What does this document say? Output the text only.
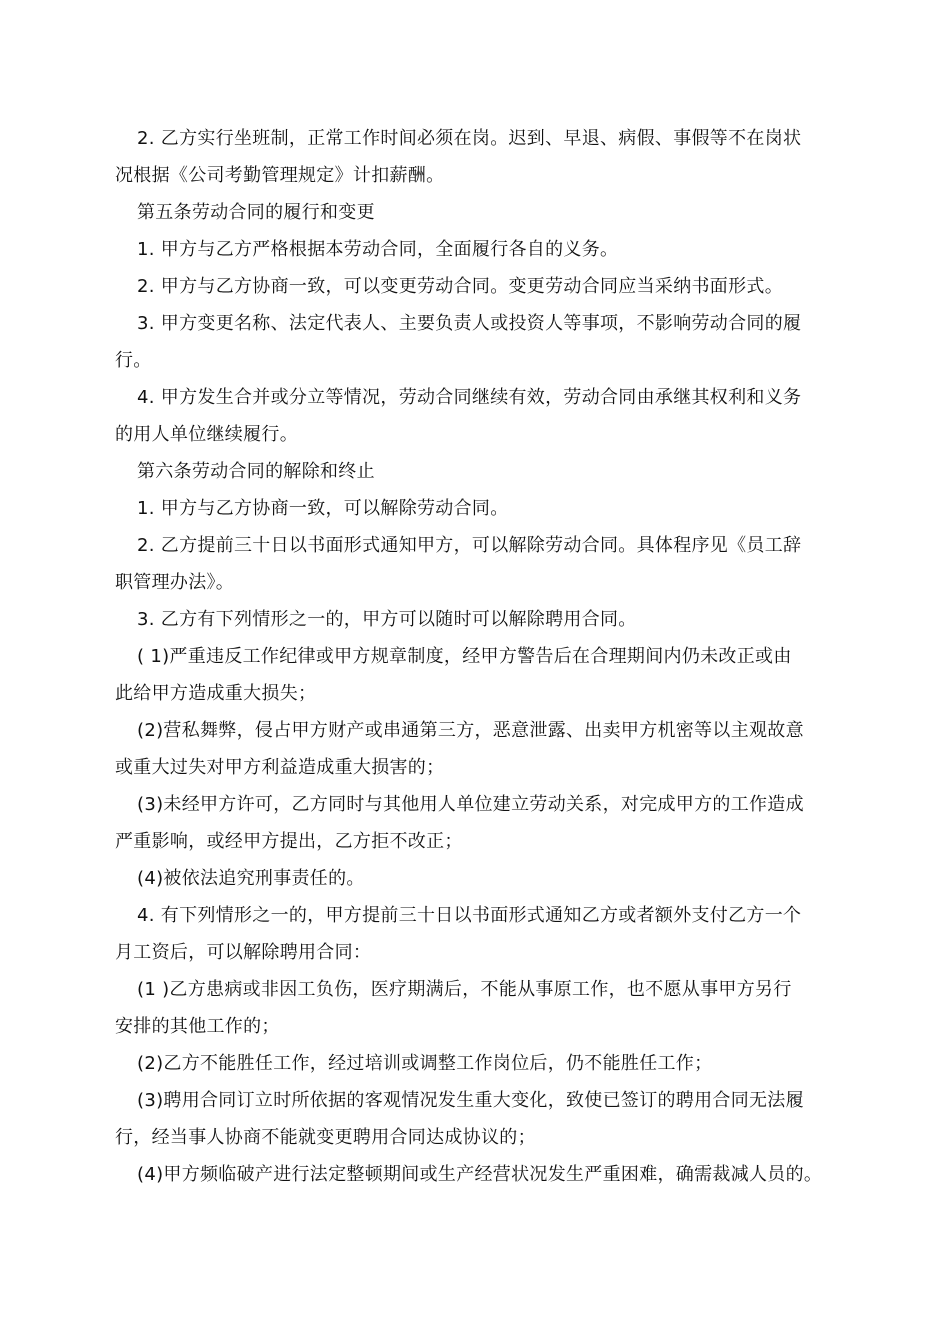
2. 乙方实行坐班制，正常工作时间必须在岗。迟到、早退、病假、事假等不在岗状
况根据《公司考勤管理规定》计扣薪酬。
第五条劳动合同的履行和变更
1. 甲方与乙方严格根据本劳动合同，全面履行各自的义务。
2. 甲方与乙方协商一致，可以变更劳动合同。变更劳动合同应当采纳书面形式。
3. 甲方变更名称、法定代表人、主要负责人或投资人等事项，不影响劳动合同的履
行。
4. 甲方发生合并或分立等情况，劳动合同继续有效，劳动合同由承继其权利和义务
的用人单位继续履行。
第六条劳动合同的解除和终止
1. 甲方与乙方协商一致，可以解除劳动合同。
2. 乙方提前三十日以书面形式通知甲方，可以解除劳动合同。具体程序见《员工辞
职管理办法》。
3. 乙方有下列情形之一的，甲方可以随时可以解除聘用合同。
( 1)严重违反工作纪律或甲方规章制度，经甲方警告后在合理期间内仍未改正或由
此给甲方造成重大损失；
(2)营私舞弊，侵占甲方财产或串通第三方，恶意泄露、出卖甲方机密等以主观故意
或重大过失对甲方利益造成重大损害的；
(3)未经甲方许可，乙方同时与其他用人单位建立劳动关系，对完成甲方的工作造成
严重影响，或经甲方提出，乙方拒不改正；
(4)被依法追究刑事责任的。
4. 有下列情形之一的，甲方提前三十日以书面形式通知乙方或者额外支付乙方一个
月工资后，可以解除聘用合同：
(1 )乙方患病或非因工负伤，医疗期满后，不能从事原工作，也不愿从事甲方另行
安排的其他工作的；
(2)乙方不能胜任工作，经过培训或调整工作岗位后，仍不能胜任工作；
(3)聘用合同订立时所依据的客观情况发生重大变化，致使已签订的聘用合同无法履
行，经当事人协商不能就变更聘用合同达成协议的；
(4)甲方频临破产进行法定整顿期间或生产经营状况发生严重困难，确需裁减人员的。
